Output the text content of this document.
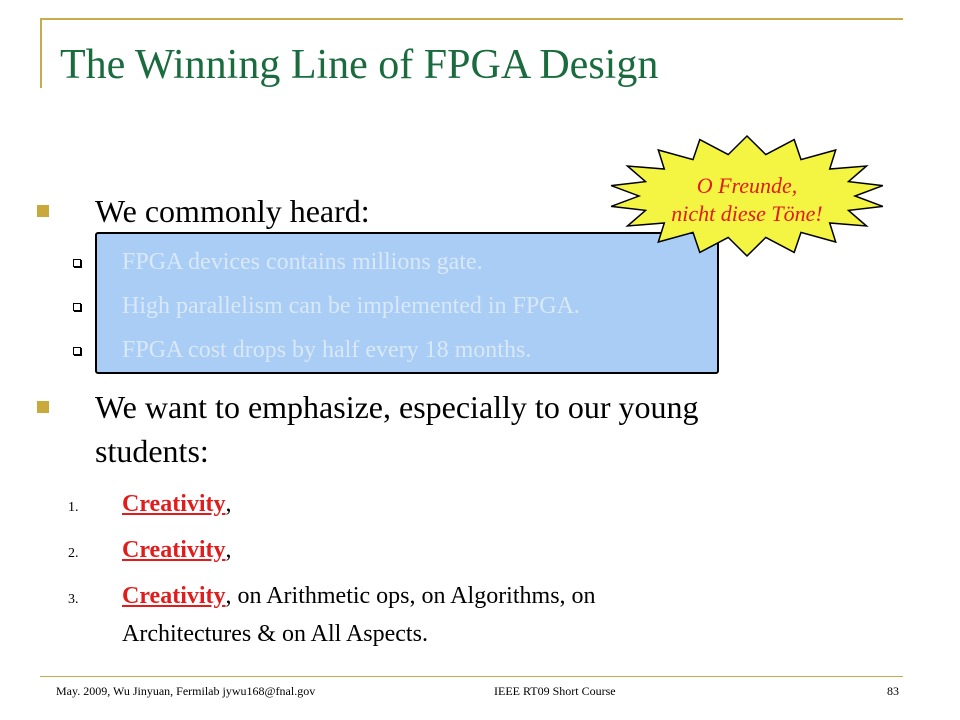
The Winning Line of FPGA Design
We commonly heard:
FPGA devices contains millions gate.
High parallelism can be implemented in FPGA.
FPGA cost drops by half every 18 months.
We want to emphasize, especially to our young
students:
1. Creativity,
2. Creativity,
3. Creativity, on Arithmetic ops, on Algorithms, on
Architectures & on All Aspects.
O Freunde,
nicht diese Töne!
May. 2009, Wu Jinyuan, Fermilab jywu168@fnal.gov	IEEE RT09 Short Course	83
